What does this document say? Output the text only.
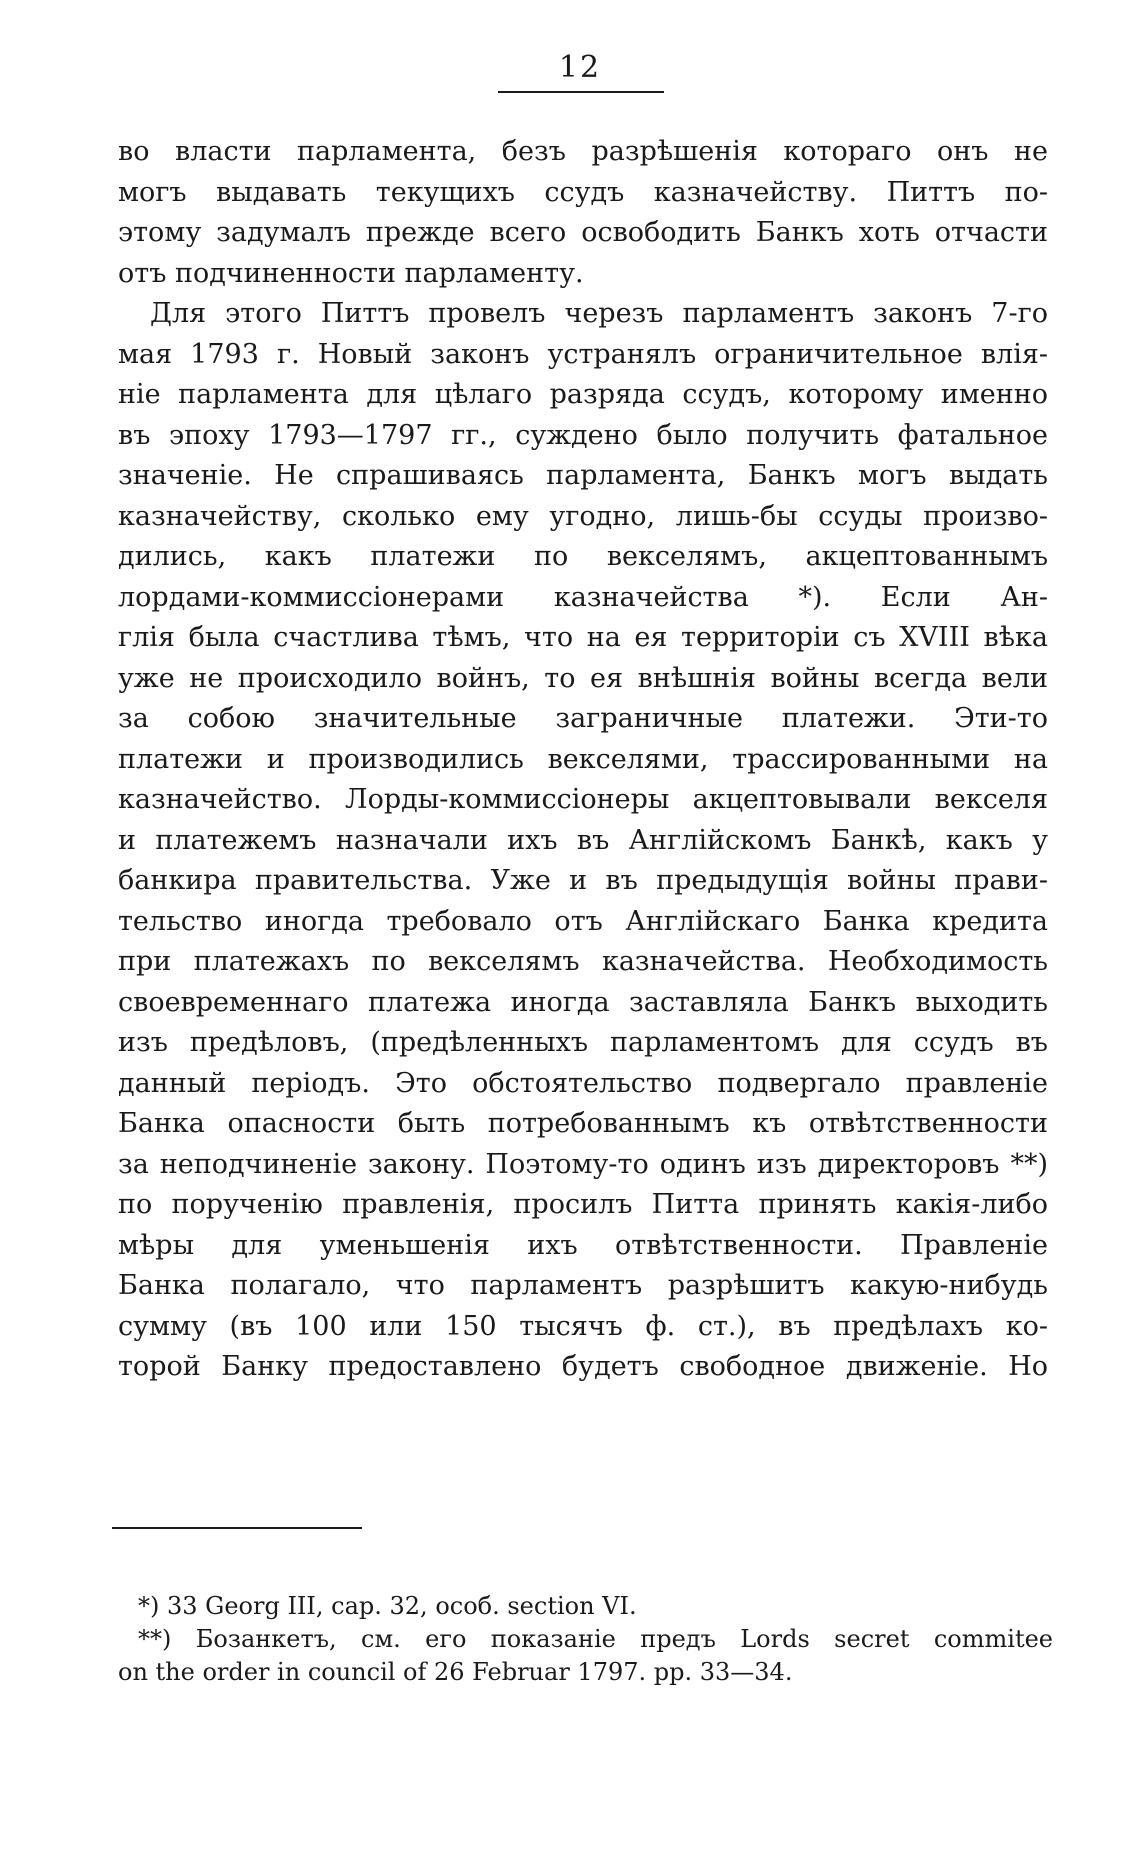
12
во власти парламента, безъ разрѣшенія котораго онъ не
могъ выдавать текущихъ ссудъ казначейству. Питтъ по-
этому задумалъ прежде всего освободить Банкъ хоть отчасти
отъ подчиненности парламенту.
Для этого Питтъ провелъ черезъ парламентъ законъ 7-го
мая 1793 г. Новый законъ устранялъ ограничительное влія-
ніе парламента для цѣлаго разряда ссудъ, которому именно
въ эпоху 1793—1797 гг., суждено было получить фатальное
значеніе. Не спрашиваясь парламента, Банкъ могъ выдать
казначейству, сколько ему угодно, лишь-бы ссуды произво-
дились, какъ платежи по векселямъ, акцептованнымъ
лордами-коммиссіонерами казначейства *). Если Ан-
глія была счастлива тѣмъ, что на ея территоріи съ XVIII вѣка
уже не происходило войнъ, то ея внѣшнія войны всегда вели
за собою значительные заграничные платежи. Эти-то
платежи и производились векселями, трассированными на
казначейство. Лорды-коммиссіонеры акцептовывали векселя
и платежемъ назначали ихъ въ Англійскомъ Банкѣ, какъ у
банкира правительства. Уже и въ предыдущія войны прави-
тельство иногда требовало отъ Англійскаго Банка кредита
при платежахъ по векселямъ казначейства. Необходимость
своевременнаго платежа иногда заставляла Банкъ выходить
изъ предѣловъ, (предѣленныхъ парламентомъ для ссудъ въ
данный періодъ. Это обстоятельство подвергало правленіе
Банка опасности быть потребованнымъ къ отвѣтственности
за неподчиненіе закону. Поэтому-то одинъ изъ директоровъ **)
по порученію правленія, просилъ Питта принять какія-либо
мѣры для уменьшенія ихъ отвѣтственности. Правленіе
Банка полагало, что парламентъ разрѣшитъ какую-нибудь
сумму (въ 100 или 150 тысячъ ф. ст.), въ предѣлахъ ко-
торой Банку предоставлено будетъ свободное движеніе. Но
*) 33 Georg III, cap. 32, особ. section VI.
**) Бозанкетъ, см. его показаніе предъ Lords secret commitee
on the order in council of 26 Februar 1797. pp. 33—34.
